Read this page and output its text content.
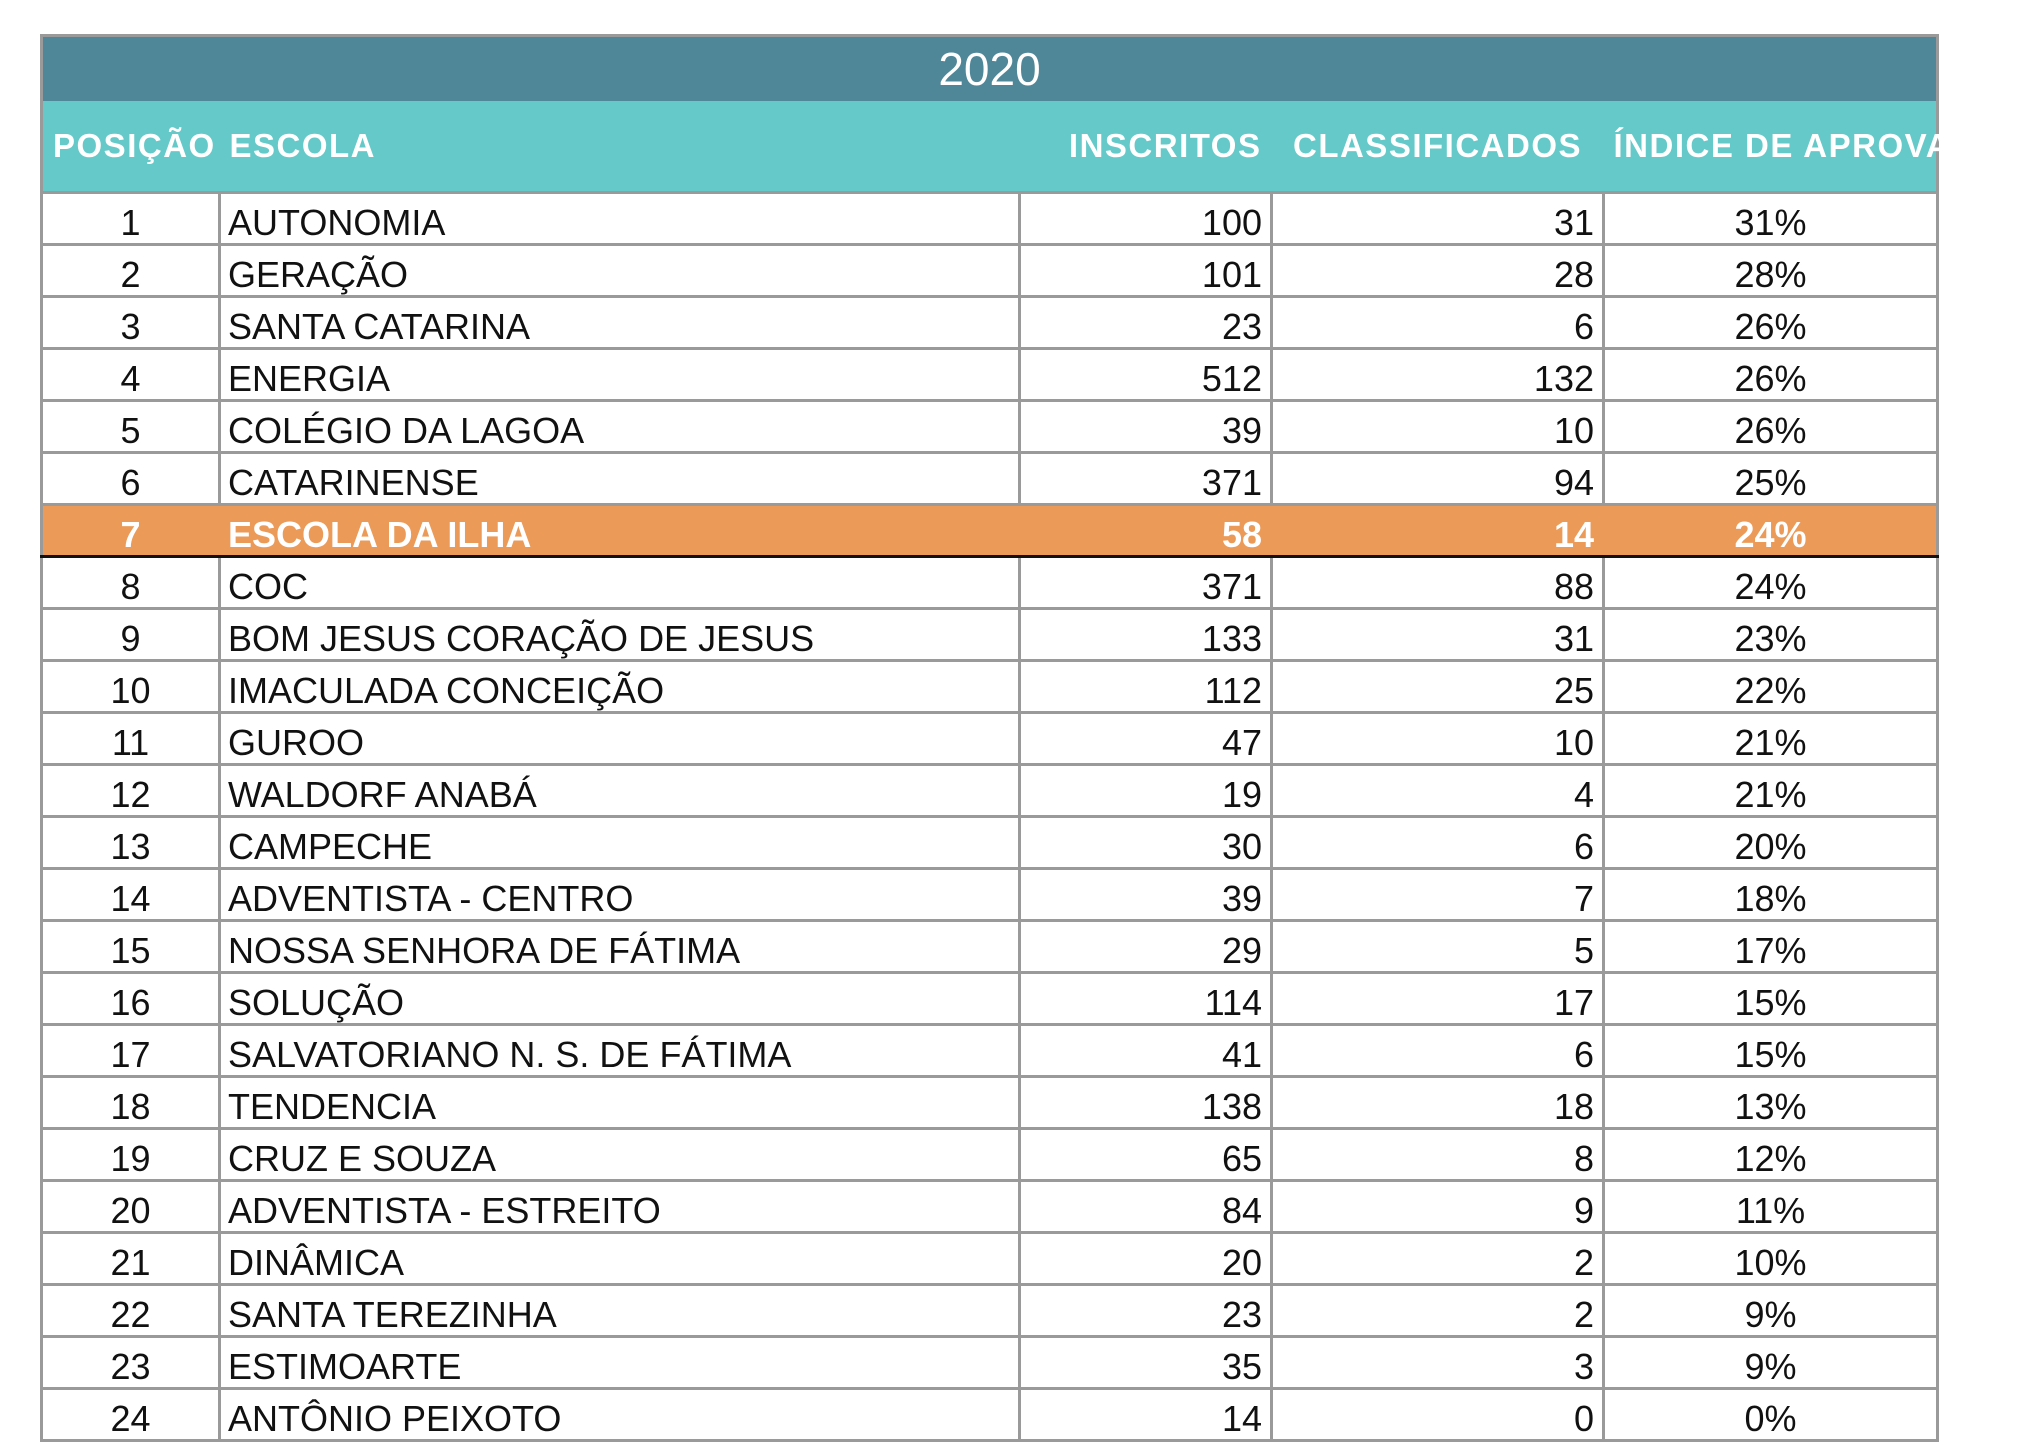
2020				
POSIÇÃO	ESCOLA	INSCRITOS	CLASSIFICADOS	ÍNDICE DE APROVAÇÃO
1	AUTONOMIA	100	31	31%
2	GERAÇÃO	101	28	28%
3	SANTA CATARINA	23	6	26%
4	ENERGIA	512	132	26%
5	COLÉGIO DA LAGOA	39	10	26%
6	CATARINENSE	371	94	25%
7	ESCOLA DA ILHA	58	14	24%
8	COC	371	88	24%
9	BOM JESUS CORAÇÃO DE JESUS	133	31	23%
10	IMACULADA CONCEIÇÃO	112	25	22%
11	GUROO	47	10	21%
12	WALDORF ANABÁ	19	4	21%
13	CAMPECHE	30	6	20%
14	ADVENTISTA - CENTRO	39	7	18%
15	NOSSA SENHORA DE FÁTIMA	29	5	17%
16	SOLUÇÃO	114	17	15%
17	SALVATORIANO N. S. DE FÁTIMA	41	6	15%
18	TENDENCIA	138	18	13%
19	CRUZ E SOUZA	65	8	12%
20	ADVENTISTA - ESTREITO	84	9	11%
21	DINÂMICA	20	2	10%
22	SANTA TEREZINHA	23	2	9%
23	ESTIMOARTE	35	3	9%
24	ANTÔNIO PEIXOTO	14	0	0%
